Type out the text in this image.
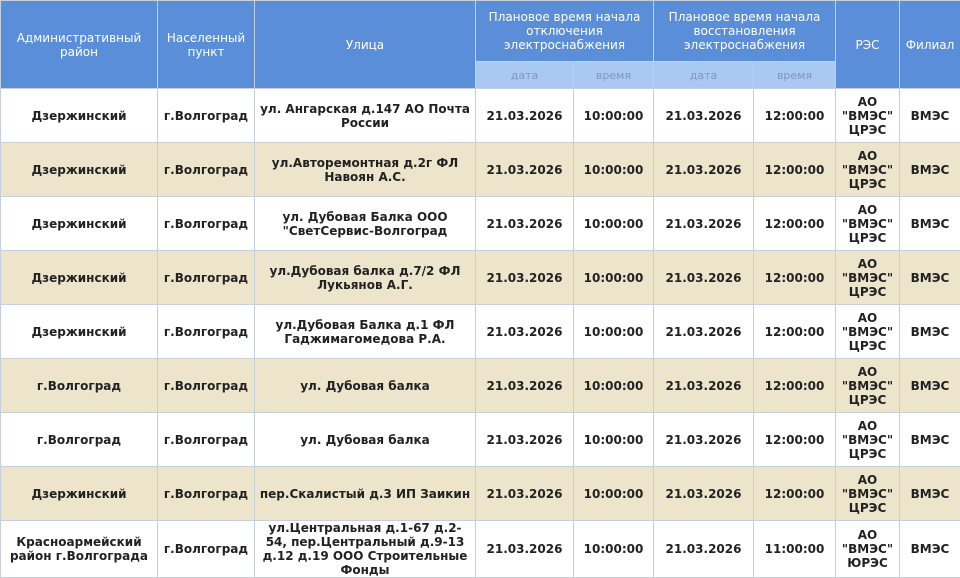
Административный район	Населенный пункт	Улица	Плановое время начала отключения электроснабжения		Плановое время начала восстановления электроснабжения		РЭС	Филиал
			дата	время	дата	время		
Дзержинский	г.Волгоград	ул. Ангарская д.147 АО Почта России	21.03.2026	10:00:00	21.03.2026	12:00:00	АО "ВМЭС" ЦРЭС	ВМЭС
Дзержинский	г.Волгоград	ул.Авторемонтная д.2г ФЛ Навоян А.С.	21.03.2026	10:00:00	21.03.2026	12:00:00	АО "ВМЭС" ЦРЭС	ВМЭС
Дзержинский	г.Волгоград	ул. Дубовая Балка ООО "СветСервис-Волгоград	21.03.2026	10:00:00	21.03.2026	12:00:00	АО "ВМЭС" ЦРЭС	ВМЭС
Дзержинский	г.Волгоград	ул.Дубовая балка д.7/2 ФЛ Лукьянов А.Г.	21.03.2026	10:00:00	21.03.2026	12:00:00	АО "ВМЭС" ЦРЭС	ВМЭС
Дзержинский	г.Волгоград	ул.Дубовая Балка д.1 ФЛ Гаджимагомедова Р.А.	21.03.2026	10:00:00	21.03.2026	12:00:00	АО "ВМЭС" ЦРЭС	ВМЭС
г.Волгоград	г.Волгоград	ул. Дубовая балка	21.03.2026	10:00:00	21.03.2026	12:00:00	АО "ВМЭС" ЦРЭС	ВМЭС
г.Волгоград	г.Волгоград	ул. Дубовая балка	21.03.2026	10:00:00	21.03.2026	12:00:00	АО "ВМЭС" ЦРЭС	ВМЭС
Дзержинский	г.Волгоград	пер.Скалистый д.3 ИП Заикин	21.03.2026	10:00:00	21.03.2026	12:00:00	АО "ВМЭС" ЦРЭС	ВМЭС
Красноармейский район г.Волгограда	г.Волгоград	ул.Центральная д.1-67 д.2-54, пер.Центральный д.9-13 д.12 д.19 ООО Строительные Фонды	21.03.2026	10:00:00	21.03.2026	11:00:00	АО "ВМЭС" ЮРЭС	ВМЭС
